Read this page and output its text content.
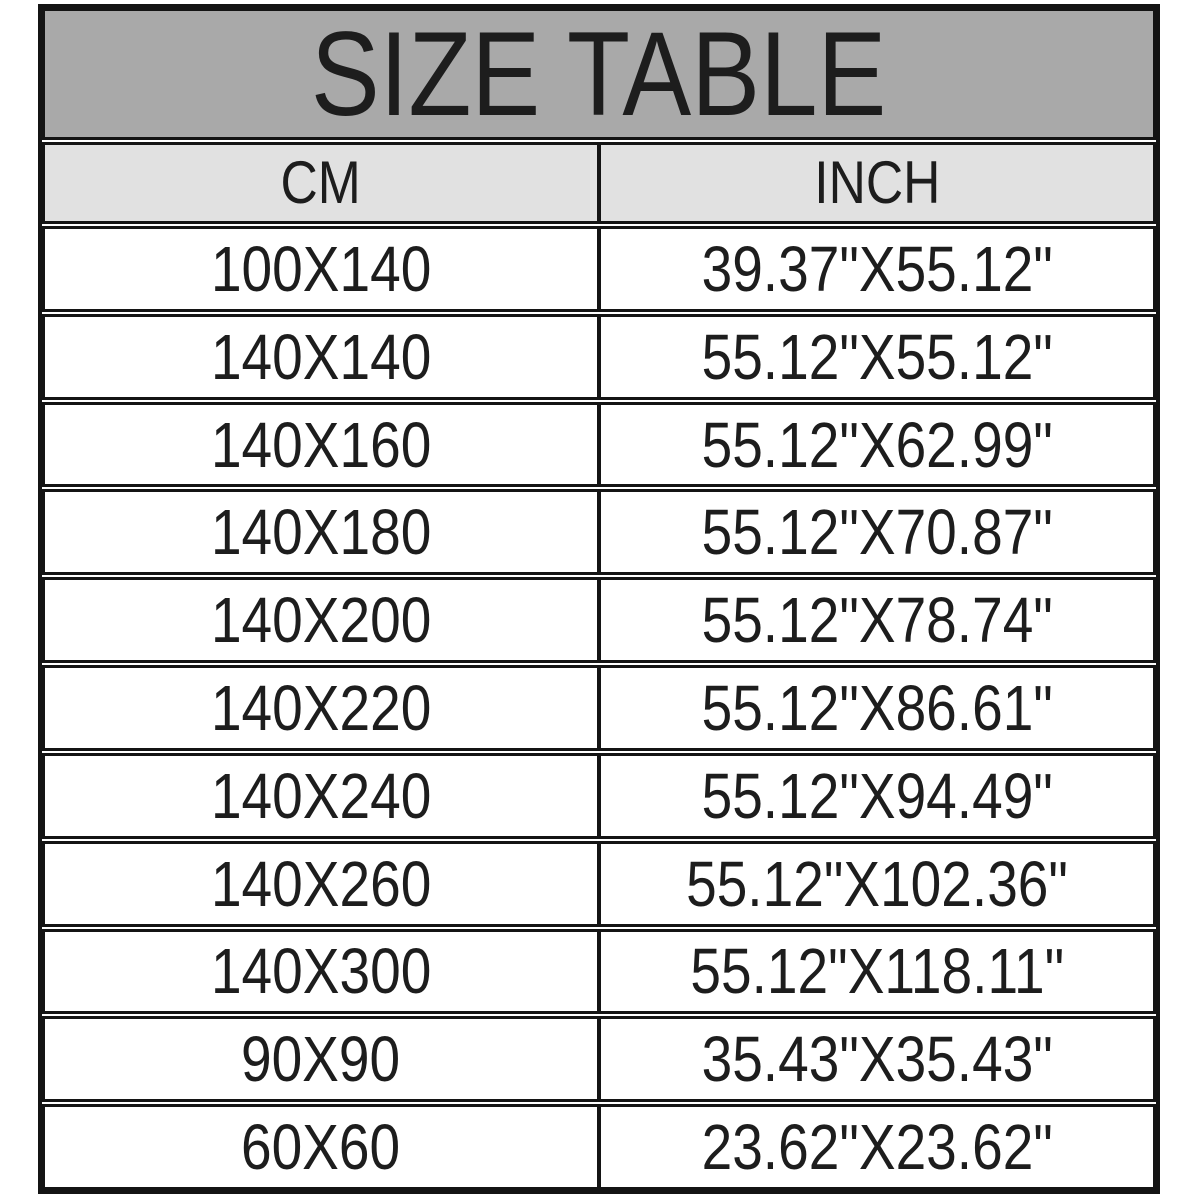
SIZE TABLE
CM	INCH
100X140	39.37"X55.12"
140X140	55.12"X55.12"
140X160	55.12"X62.99"
140X180	55.12"X70.87"
140X200	55.12"X78.74"
140X220	55.12"X86.61"
140X240	55.12"X94.49"
140X260	55.12"X102.36"
140X300	55.12"X118.11"
90X90	35.43"X35.43"
60X60	23.62"X23.62"
